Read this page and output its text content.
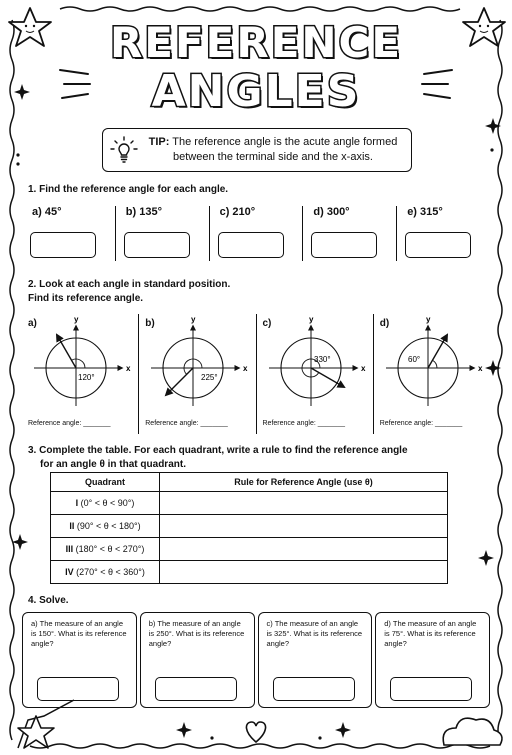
REFERENCE
ANGLES
TIP: The reference angle is the acute angle formed between the terminal side and the x-axis.
1. Find the reference angle for each angle.
a) 45°	b) 135°	c) 210°	d) 300°	e) 315°
2. Look at each angle in standard position.
Find its reference angle.
x
y
120°
a)
Reference angle: _______
x
y
225°
b)
Reference angle: _______
x
y
330°
c)
Reference angle: _______
x
y
60°
d)
Reference angle: _______
3. Complete the table. For each quadrant, write a rule to find the reference angle
for an angle θ in that quadrant.
Quadrant	Rule for Reference Angle (use θ)
I (0° < θ < 90°)	
II (90° < θ < 180°)	
III (180° < θ < 270°)	
IV (270° < θ < 360°)	
4. Solve.
a) The measure of an angle is 150°. What is its reference angle?
b) The measure of an angle is 250°. What is its reference angle?
c) The measure of an angle is 325°. What is its reference angle?
d) The measure of an angle is 75°. What is its reference angle?
